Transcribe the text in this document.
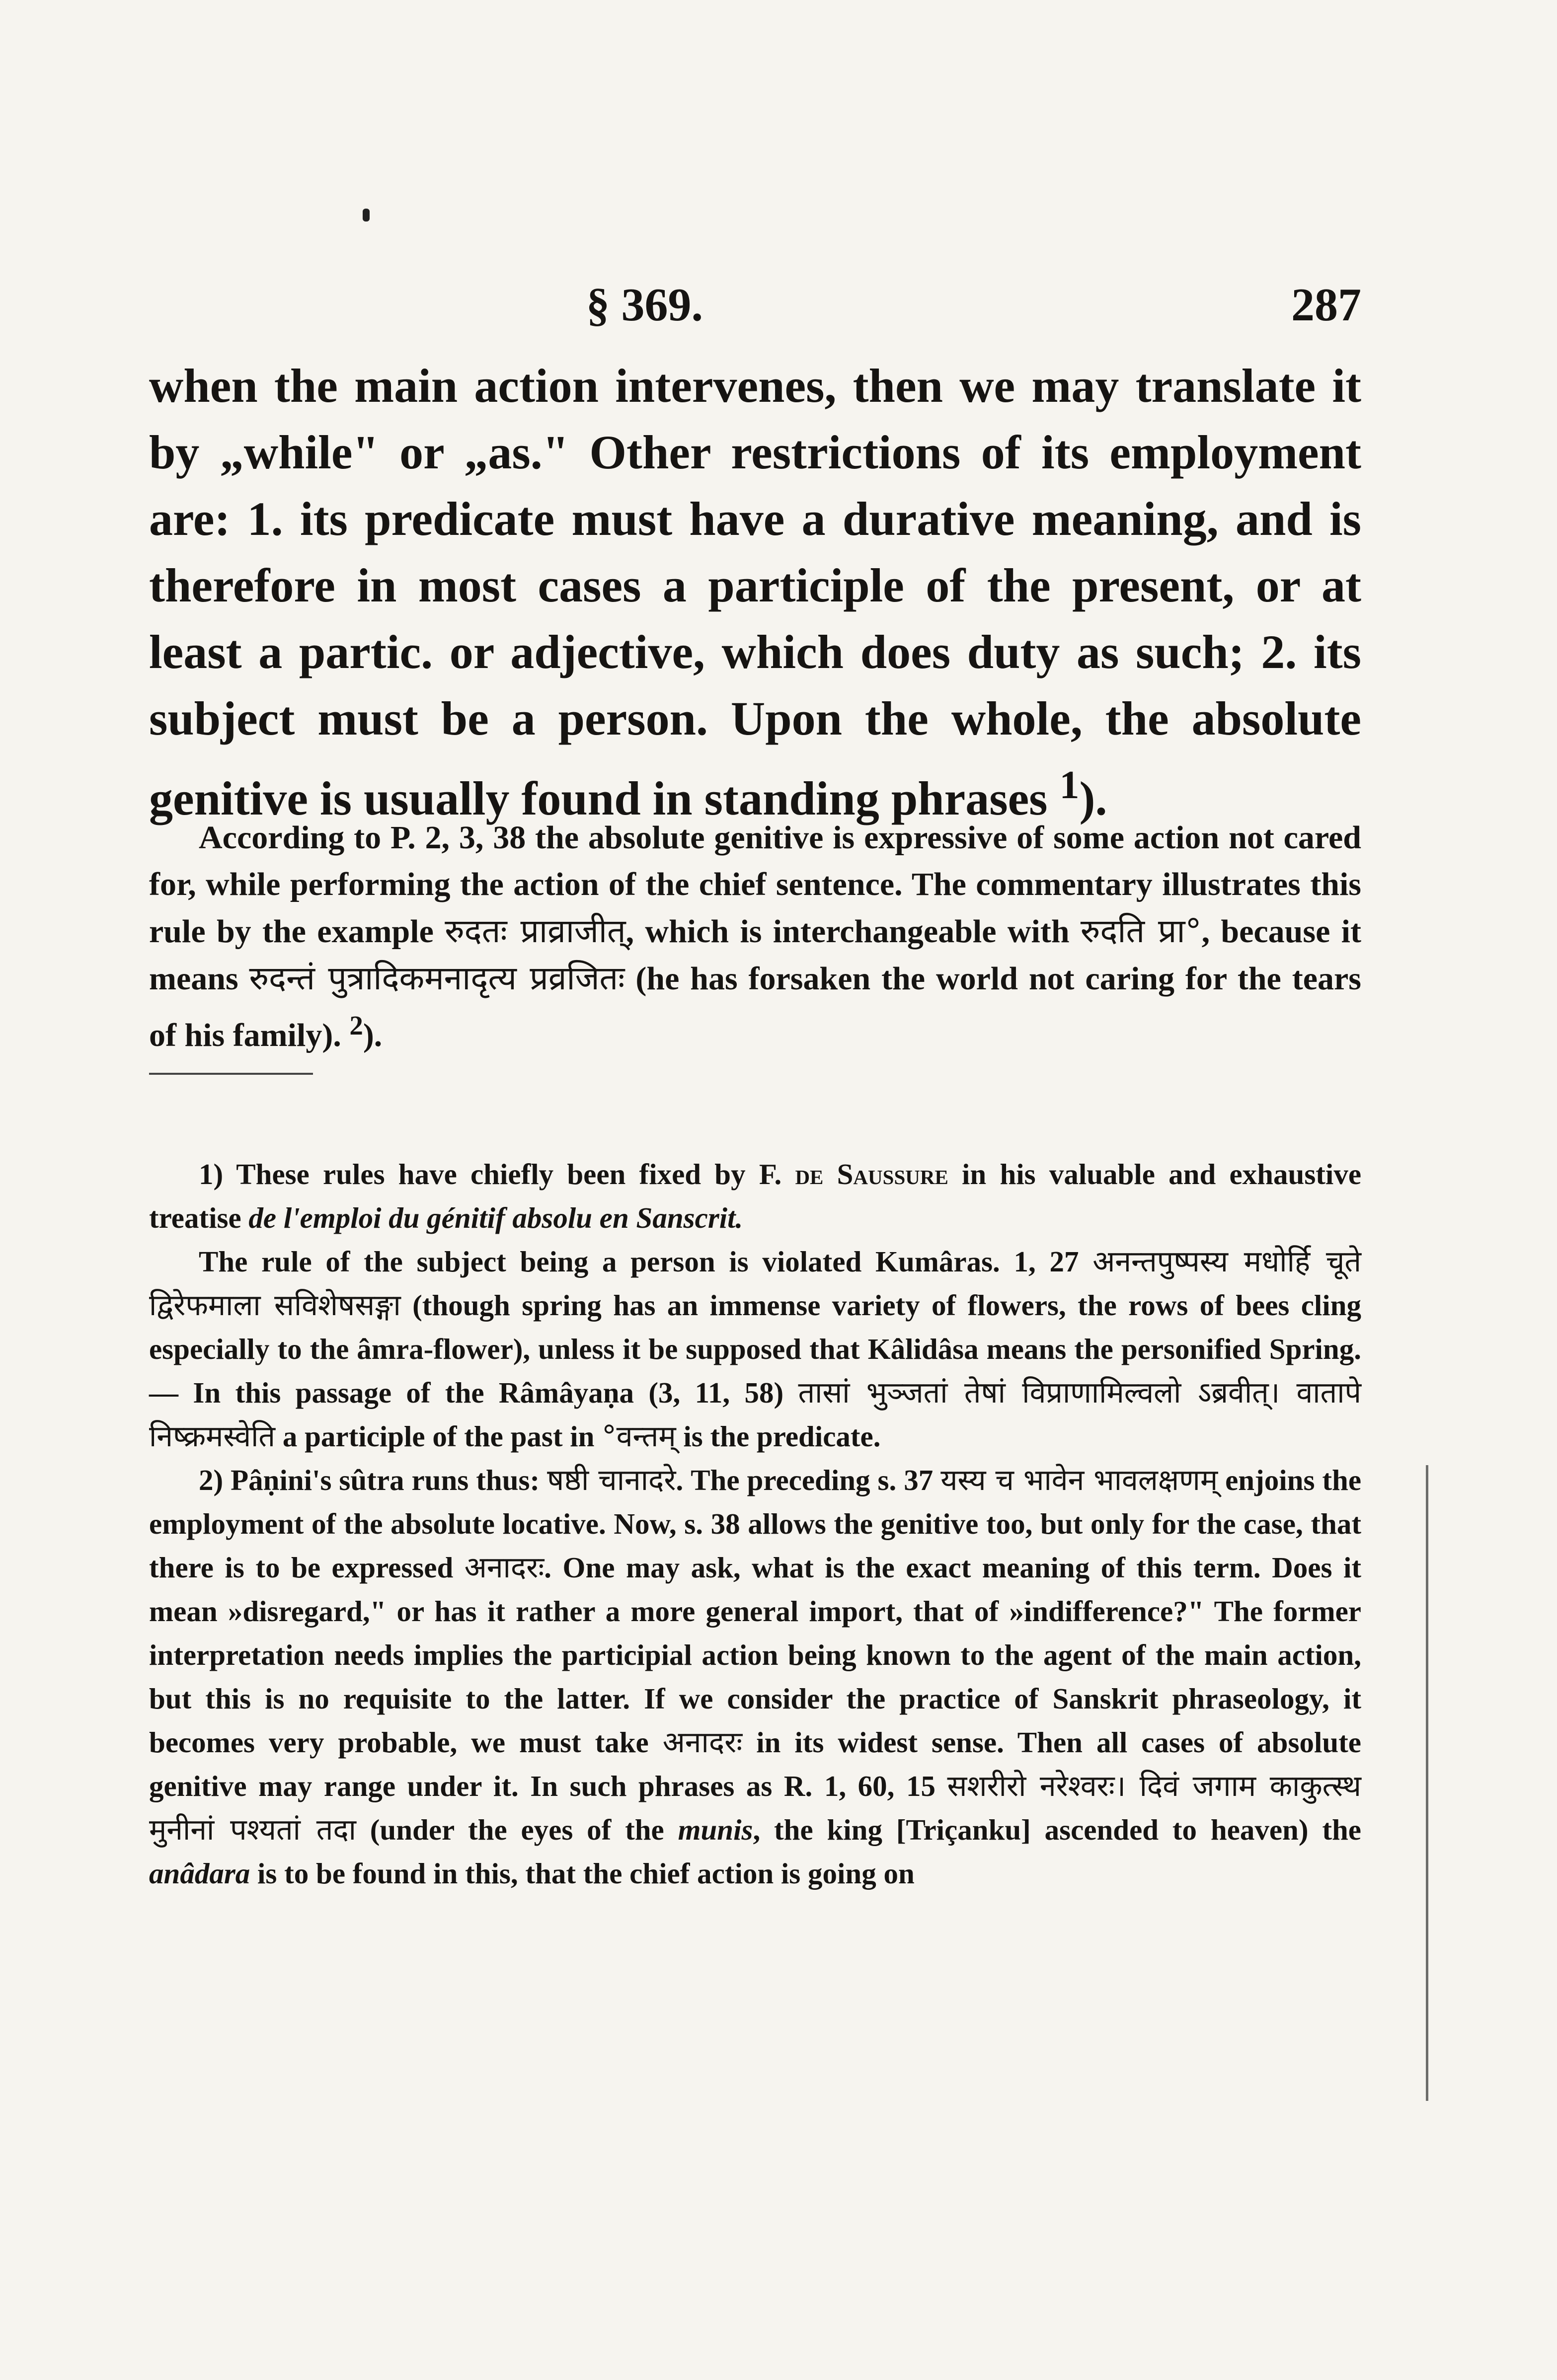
§ 369.	287

when the main action intervenes, then we may translate it by „while" or „as." Other restrictions of its employment are: 1. its predicate must have a durative meaning, and is therefore in most cases a participle of the present, or at least a partic. or adjective, which does duty as such; 2. its subject must be a person. Upon the whole, the absolute genitive is usually found in standing phrases $^1$).

According to P. 2, 3, 38 the absolute genitive is expressive of some action not cared for, while performing the action of the chief sentence. The commentary illustrates this rule by the example रुदतः प्राव्राजीत्, which is interchangeable with रुदति प्रा°, because it means रुदन्तं पुत्रादिकमनादृत्य प्रव्रजितः (he has forsaken the world not caring for the tears of his family). $^2$).

1) These rules have chiefly been fixed by F. de Saussure in his valuable and exhaustive treatise de l'emploi du génitif absolu en Sanscrit.

The rule of the subject being a person is violated Kumâras. 1, 27 अनन्तपुष्पस्य मधोर्हि चूते द्विरेफमाला सविशेषसङ्गा (though spring has an immense variety of flowers, the rows of bees cling especially to the âmra-flower), unless it be supposed that Kâlidâsa means the personified Spring. — In this passage of the Râmâyaṇa (3, 11, 58) तासां भुञ्जतां तेषां विप्राणामिल्वलो ऽब्रवीत्। वातापे निष्क्रमस्वेति a participle of the past in °वन्तम् is the predicate.

2) Pâṇini's sûtra runs thus: षष्ठी चानादरे. The preceding s. 37 यस्य च भावेन भावलक्षणम् enjoins the employment of the absolute locative. Now, s. 38 allows the genitive too, but only for the case, that there is to be expressed अनादरः. One may ask, what is the exact meaning of this term. Does it mean »disregard," or has it rather a more general import, that of »indifference?" The former interpretation needs implies the participial action being known to the agent of the main action, but this is no requisite to the latter. If we consider the practice of Sanskrit phraseology, it becomes very probable, we must take अनादरः in its widest sense. Then all cases of absolute genitive may range under it. In such phrases as R. 1, 60, 15 सशरीरो नरेश्वरः। दिवं जगाम काकुत्स्थ मुनीनां पश्यतां तदा (under the eyes of the munis, the king [Triçanku] ascended to heaven) the anâdara is to be found in this, that the chief action is going on
